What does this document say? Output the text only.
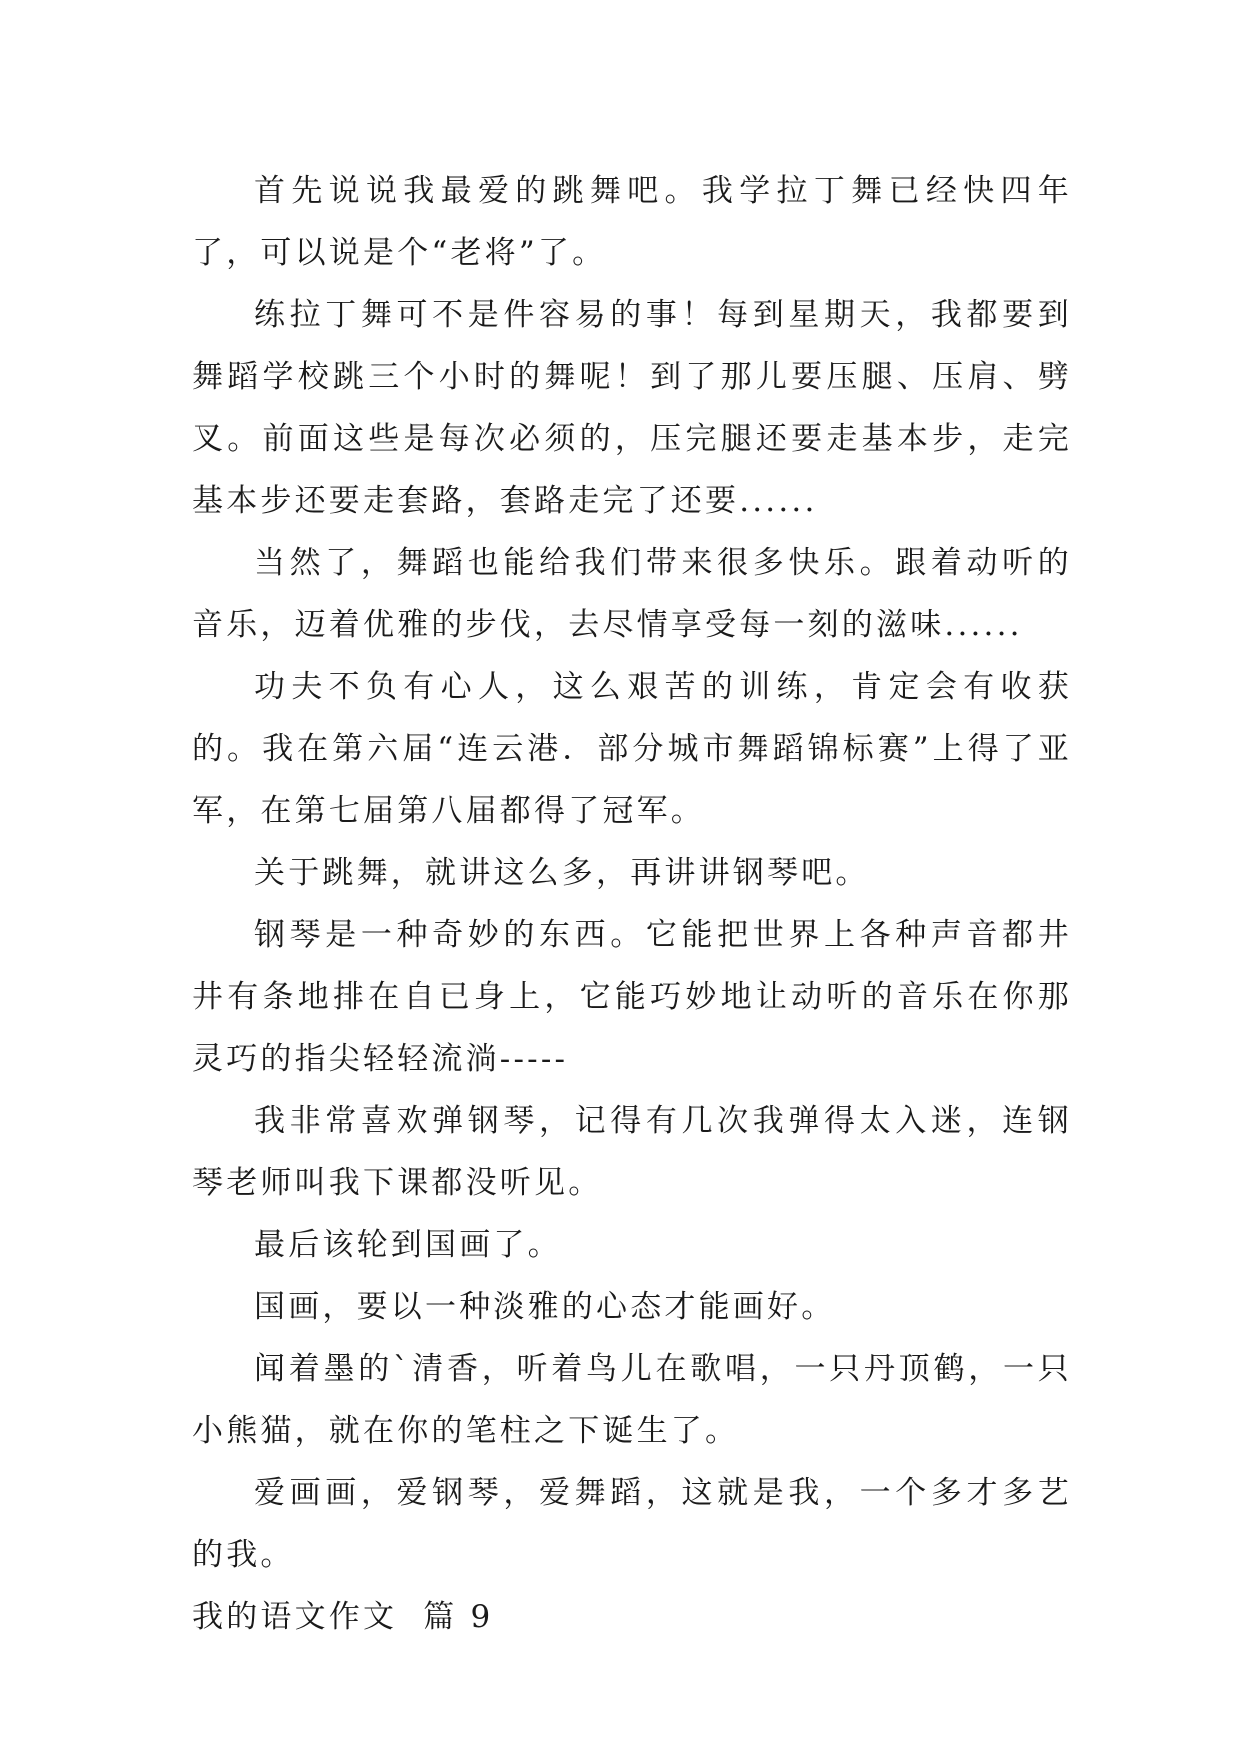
首先说说我最爱的跳舞吧。我学拉丁舞已经快四年了，可以说是个“老将”了。

练拉丁舞可不是件容易的事！每到星期天，我都要到舞蹈学校跳三个小时的舞呢！到了那儿要压腿、压肩、劈叉。前面这些是每次必须的，压完腿还要走基本步，走完基本步还要走套路，套路走完了还要......

当然了，舞蹈也能给我们带来很多快乐。跟着动听的音乐，迈着优雅的步伐，去尽情享受每一刻的滋味......

功夫不负有心人，这么艰苦的训练，肯定会有收获的。我在第六届“连云港．部分城市舞蹈锦标赛”上得了亚军，在第七届第八届都得了冠军。

关于跳舞，就讲这么多，再讲讲钢琴吧。

钢琴是一种奇妙的东西。它能把世界上各种声音都井井有条地排在自已身上，它能巧妙地让动听的音乐在你那灵巧的指尖轻轻流淌-----

我非常喜欢弹钢琴，记得有几次我弹得太入迷，连钢琴老师叫我下课都没听见。

最后该轮到国画了。

国画，要以一种淡雅的心态才能画好。

闻着墨的`清香，听着鸟儿在歌唱，一只丹顶鹤，一只小熊猫，就在你的笔柱之下诞生了。

爱画画，爱钢琴，爱舞蹈，这就是我，一个多才多艺的我。

我的语文作文  篇 9
